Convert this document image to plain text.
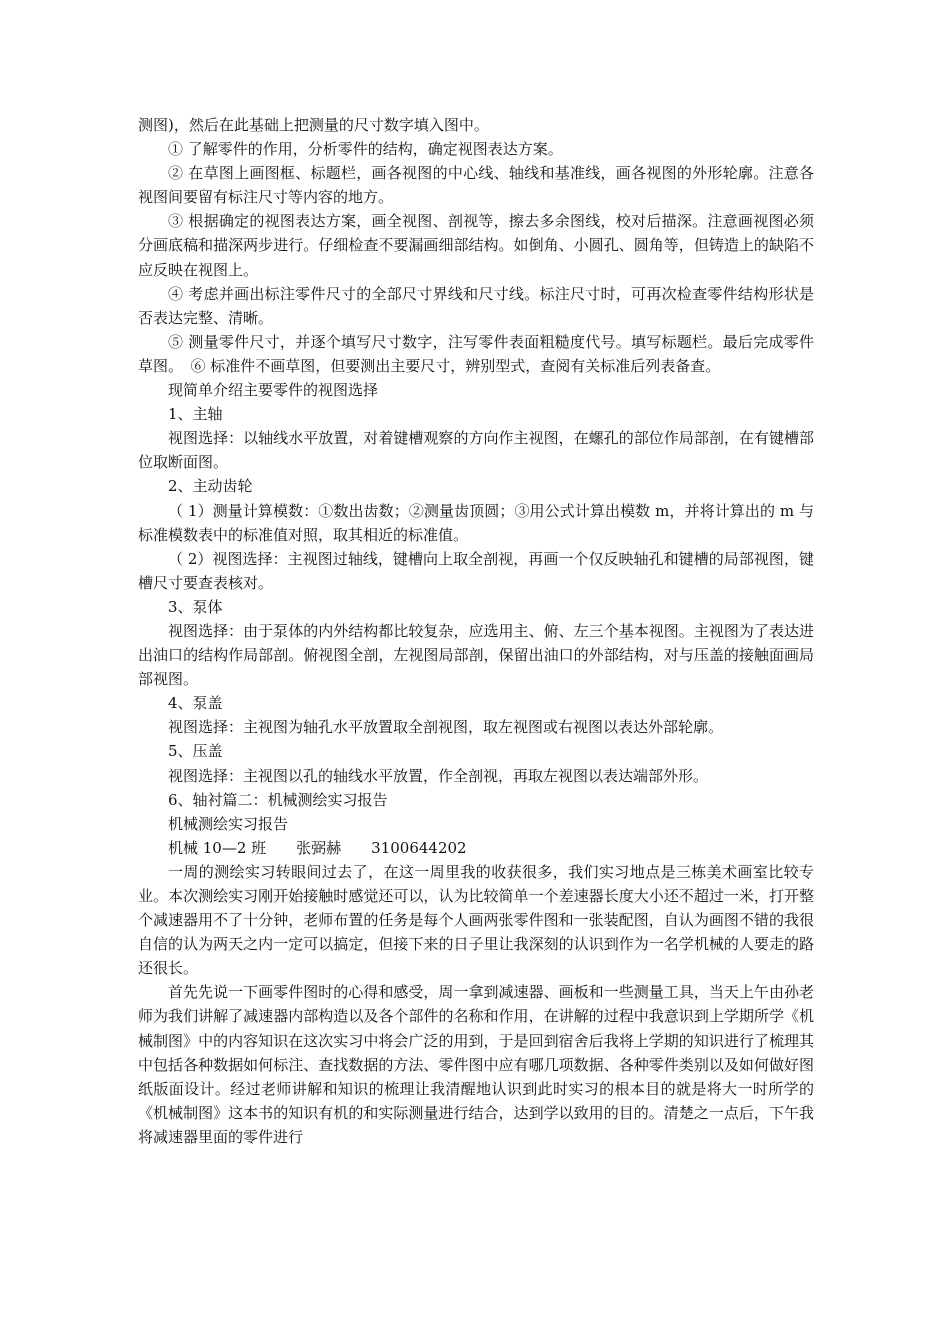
测图)，然后在此基础上把测量的尺寸数字填入图中。

① 了解零件的作用，分析零件的结构，确定视图表达方案。

② 在草图上画图框、标题栏，画各视图的中心线、轴线和基准线，画各视图的外形轮廓。注意各视图间要留有标注尺寸等内容的地方。

③ 根据确定的视图表达方案，画全视图、剖视等，擦去多余图线，校对后描深。注意画视图必须分画底稿和描深两步进行。仔细检查不要漏画细部结构。如倒角、小圆孔、圆角等，但铸造上的缺陷不应反映在视图上。

④ 考虑并画出标注零件尺寸的全部尺寸界线和尺寸线。标注尺寸时，可再次检查零件结构形状是否表达完整、清晰。

⑤ 测量零件尺寸，并逐个填写尺寸数字，注写零件表面粗糙度代号。填写标题栏。最后完成零件草图。　⑥ 标准件不画草图，但要测出主要尺寸，辨别型式，查阅有关标准后列表备查。

现简单介绍主要零件的视图选择

1、主轴

视图选择：以轴线水平放置，对着键槽观察的方向作主视图，在螺孔的部位作局部剖，在有键槽部位取断面图。

2、主动齿轮

（ 1）测量计算模数：①数出齿数；②测量齿顶圆；③用公式计算出模数 m，并将计算出的 m 与标准模数表中的标准值对照，取其相近的标准值。

（ 2）视图选择：主视图过轴线，键槽向上取全剖视，再画一个仅反映轴孔和键槽的局部视图，键槽尺寸要查表核对。

3、泵体

视图选择：由于泵体的内外结构都比较复杂，应选用主、俯、左三个基本视图。主视图为了表达进出油口的结构作局部剖。俯视图全剖，左视图局部剖，保留出油口的外部结构，对与压盖的接触面画局部视图。

4、泵盖

视图选择：主视图为轴孔水平放置取全剖视图，取左视图或右视图以表达外部轮廓。

5、压盖

视图选择：主视图以孔的轴线水平放置，作全剖视，再取左视图以表达端部外形。

6、轴衬篇二：机械测绘实习报告

机械测绘实习报告

机械 10—2 班　　张弼赫　　3100644202

一周的测绘实习转眼间过去了，在这一周里我的收获很多，我们实习地点是三栋美术画室比较专业。本次测绘实习刚开始接触时感觉还可以，认为比较简单一个差速器长度大小还不超过一米，打开整个减速器用不了十分钟，老师布置的任务是每个人画两张零件图和一张装配图，自认为画图不错的我很自信的认为两天之内一定可以搞定，但接下来的日子里让我深刻的认识到作为一名学机械的人要走的路还很长。

首先先说一下画零件图时的心得和感受，周一拿到减速器、画板和一些测量工具，当天上午由孙老师为我们讲解了减速器内部构造以及各个部件的名称和作用，在讲解的过程中我意识到上学期所学《机械制图》中的内容知识在这次实习中将会广泛的用到，于是回到宿舍后我将上学期的知识进行了梳理其中包括各种数据如何标注、查找数据的方法、零件图中应有哪几项数据、各种零件类别以及如何做好图纸版面设计。经过老师讲解和知识的梳理让我清醒地认识到此时实习的根本目的就是将大一时所学的《机械制图》这本书的知识有机的和实际测量进行结合，达到学以致用的目的。清楚之一点后，下午我将减速器里面的零件进行
